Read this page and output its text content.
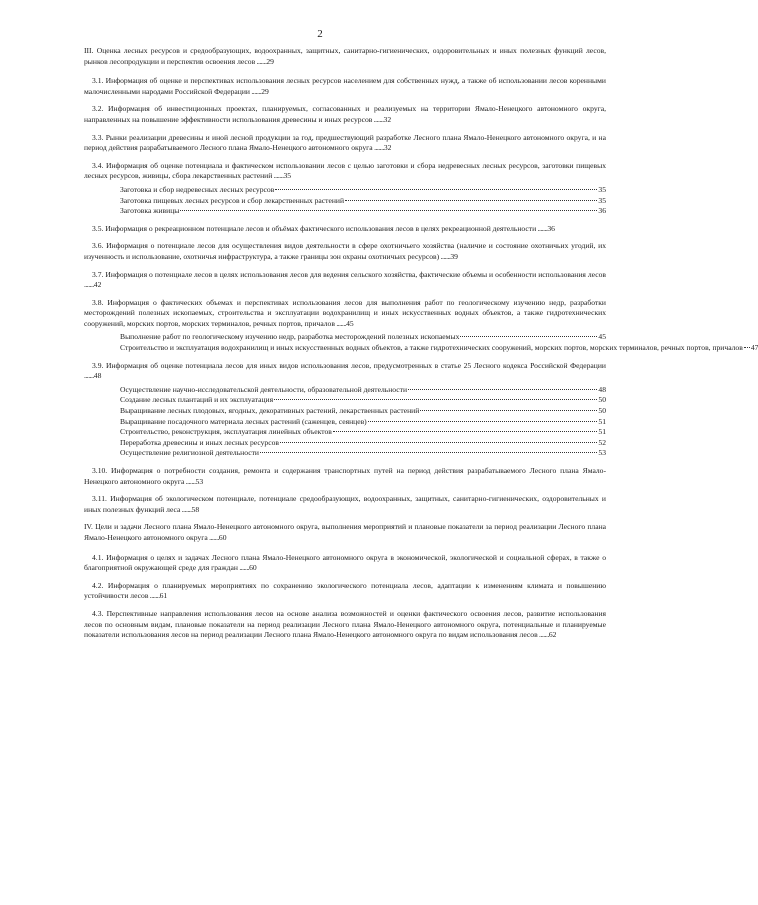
2
III. Оценка лесных ресурсов и средообразующих, водоохранных, защитных, санитарно-гигиенических, оздоровительных и иных полезных функций лесов, рынков лесопродукции и перспектив освоения лесов .......29
3.1. Информация об оценке и перспективах использования лесных ресурсов населением для собственных нужд, а также об использовании лесов коренными малочисленными народами Российской Федерации .......29
3.2. Информация об инвестиционных проектах, планируемых, согласованных и реализуемых на территории Ямало-Ненецкого автономного округа, направленных на повышение эффективности использования древесины и иных ресурсов .......32
3.3. Рынки реализации древесины и иной лесной продукции за год, предшествующий разработке Лесного плана Ямало-Ненецкого автономного округа, и на период действия разрабатываемого Лесного плана Ямало-Ненецкого автономного округа .......32
3.4. Информация об оценке потенциала и фактическом использовании лесов с целью заготовки и сбора недревесных лесных ресурсов, заготовки пищевых лесных ресурсов, живицы, сбора лекарственных растений .......35
Заготовка и сбор недревесных лесных ресурсов	35
Заготовка пищевых лесных ресурсов и сбор лекарственных растений	35
Заготовка живицы	36
3.5. Информация о рекреационном потенциале лесов и объёмах фактического использования лесов в целях рекреационной деятельности .......36
3.6. Информация о потенциале лесов для осуществления видов деятельности в сфере охотничьего хозяйства (наличие и состояние охотничьих угодий, их изученность и использование, охотничья инфраструктура, а также границы зон охраны охотничьих ресурсов) .......39
3.7. Информация о потенциале лесов в целях использования лесов для ведения сельского хозяйства, фактические объемы и особенности использования лесов .......42
3.8. Информация о фактических объемах и перспективах использования лесов для выполнения работ по геологическому изучению недр, разработки месторождений полезных ископаемых, строительства и эксплуатации водохранилищ и иных искусственных водных объектов, а также гидротехнических сооружений, морских портов, морских терминалов, речных портов, причалов .......45
Выполнение работ по геологическому изучению недр, разработка месторождений полезных ископаемых	45
Строительство и эксплуатация водохранилищ и иных искусственных водных объектов, а также гидротехнических сооружений, морских портов, морских терминалов, речных портов, причалов 47
3.9. Информация об оценке потенциала лесов для иных видов использования лесов, предусмотренных в статье 25 Лесного кодекса Российской Федерации .......48
Осуществление научно-исследовательской деятельности, образовательной деятельности	48
Создание лесных плантаций и их эксплуатация	50
Выращивание лесных плодовых, ягодных, декоративных растений, лекарственных растений	50
Выращивание посадочного материала лесных растений (саженцев, сеянцев)	51
Строительство, реконструкция, эксплуатация линейных объектов	51
Переработка древесины и иных лесных ресурсов	52
Осуществление религиозной деятельности	53
3.10. Информация о потребности создания, ремонта и содержания транспортных путей на период действия разрабатываемого Лесного плана Ямало-Ненецкого автономного округа .......53
3.11. Информация об экологическом потенциале, потенциале средообразующих, водоохранных, защитных, санитарно-гигиенических, оздоровительных и иных полезных функций леса .......58
IV. Цели и задачи Лесного плана Ямало-Ненецкого автономного округа, выполнения мероприятий и плановые показатели за период реализации Лесного плана Ямало-Ненецкого автономного округа .......60
4.1. Информация о целях и задачах Лесного плана Ямало-Ненецкого автономного округа в экономической, экологической и социальной сферах, в также о благоприятной окружающей среде для граждан .......60
4.2. Информация о планируемых мероприятиях по сохранению экологического потенциала лесов, адаптации к изменениям климата и повышению устойчивости лесов .......61
4.3. Перспективные направления использования лесов на основе анализа возможностей и оценки фактического освоения лесов, развитие использования лесов по основным видам, плановые показатели на период реализации Лесного плана Ямало-Ненецкого автономного округа, потенциальные и планируемые показатели использования лесов на период реализации Лесного плана Ямало-Ненецкого автономного округа по видам использования лесов .......62
